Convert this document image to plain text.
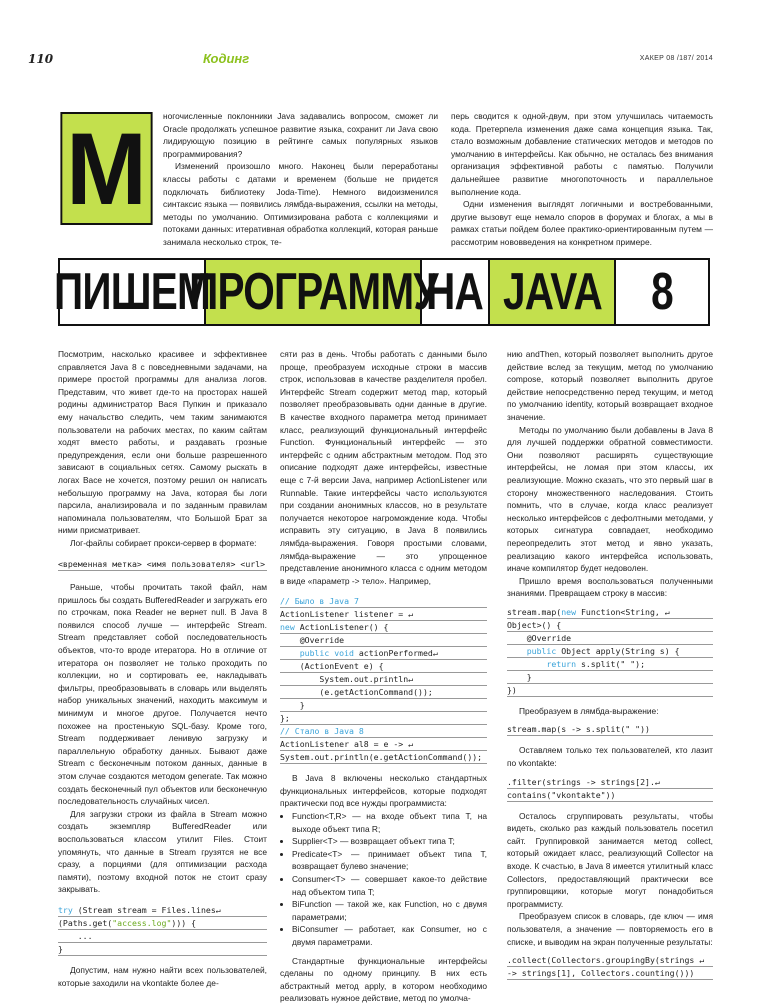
110	Кодинг	ХАКЕР 08 /187/ 2014
M ногочисленные поклонники Java задавались вопросом, сможет ли Oracle продолжать успешное развитие языка, сохранит ли Java свою лидирующую позицию в рейтинге самых популярных языков программирования?

Изменений произошло много. Наконец были переработаны классы работы с датами и временем (больше не придется подключать библиотеку Joda-Time). Немного видоизменился синтаксис языка — появились лямбда-выражения, ссылки на методы, методы по умолчанию. Оптимизирована работа с коллекциями и потоками данных: итеративная обработка коллекций, которая раньше занимала несколько строк, те-

перь сводится к одной-двум, при этом улучшилась читаемость кода. Претерпела изменения даже сама концепция языка. Так, стало возможным добавление статических методов и методов по умолчанию в интерфейсы. Как обычно, не осталась без внимания организация эффективной работы с памятью. Получили дальнейшее развитие многопоточность и параллельное выполнение кода.

Одни изменения выглядят логичными и востребованными, другие вызовут еще немало споров в форумах и блогах, а мы в рамках статьи пойдем более практико-ориентированным путем — рассмотрим нововведения на конкретном примере.

ПИШЕМ
ПРОГРАММУ
НА JAVA 8

Посмотрим, насколько красивее и эффективнее справляется Java 8 с повседневными задачами, на примере простой программы для анализа логов. Представим, что живет где-то на просторах нашей родины администратор Вася Пупкин и приказало ему начальство следить, чем таким занимаются пользователи на рабочих местах, по каким сайтам ходят вместо работы, и раздавать грозные предупреждения, если они больше разрешенного зависают в социальных сетях. Самому рыскать в логах Васе не хочется, поэтому решил он написать небольшую программу на Java, которая бы логи парсила, анализировала и по заданным правилам напоминала пользователям, что Большой Брат за ними присматривает.

Лог-файлы собирает прокси-сервер в формате:

<временная метка> <имя пользователя> <url>

Раньше, чтобы прочитать такой файл, нам пришлось бы создать BufferedReader и загружать его по строчкам, пока Reader не вернет null. В Java 8 появился способ лучше — интерфейс Stream. Stream представляет собой последовательность объектов, что-то вроде итератора. Но в отличие от итератора он позволяет не только проходить по коллекции, но и сортировать ее, накладывать фильтры, преобразовывать в словарь или выделять набор уникальных значений, находить максимум и минимум и многое другое. Получается нечто похожее на простенькую SQL-базу. Кроме того, Stream поддерживает ленивую загрузку и параллельную обработку данных. Бывают даже Stream с бесконечным потоком данных, данные в этом случае создаются методом generate. Так можно создать бесконечный пул объектов или бесконечную последовательность случайных чисел.

Для загрузки строки из файла в Stream можно создать экземпляр BufferedReader или воспользоваться классом утилит Files. Стоит упомянуть, что данные в Stream грузятся не все сразу, а порциями (для оптимизации расхода памяти), поэтому входной поток не стоит сразу закрывать.

try (Stream stream = Files.lines↵
(Paths.get("access.log"))) {
...
}

Допустим, нам нужно найти всех пользователей, которые заходили на vkontakte более де-

сяти раз в день. Чтобы работать с данными было проще, преобразуем исходные строки в массив строк, использовав в качестве разделителя пробел. Интерфейс Stream содержит метод map, который позволяет преобразовывать одни данные в другие. В качестве входного параметра метод принимает класс, реализующий функциональный интерфейс Function. Функциональный интерфейс — это интерфейс с одним абстрактным методом. Под это описание подходят даже интерфейсы, известные еще с 7-й версии Java, например ActionListener или Runnable. Такие интерфейсы часто используются при создании анонимных классов, но в результате получается некоторое нагромождение кода. Чтобы исправить эту ситуацию, в Java 8 появились лямбда-выражения. Говоря простыми словами, лямбда-выражение — это упрощенное представление анонимного класса с одним методом в виде «параметр -> тело». Например,

// Было в Java 7
ActionListener listener = ↵
new ActionListener() {
@Override
public void actionPerformed↵
(ActionEvent e) {
System.out.println↵
(e.getActionCommand());
}
};
// Стало в Java 8
ActionListener al8 = e -> ↵
System.out.println(e.getActionCommand());

В Java 8 включены несколько стандартных функциональных интерфейсов, которые подходят практически под все нужды программиста:

• Function<T,R> — на входе объект типа T, на выходе объект типа R;
• Supplier<T> — возвращает объект типа T;
• Predicate<T> — принимает объект типа T, возвращает булево значение;
• Consumer<T> — совершает какое-то действие над объектом типа T;
• BiFunction — такой же, как Function, но с двумя параметрами;
• BiConsumer — работает, как Consumer, но с двумя параметрами.

Стандартные функциональные интерфейсы сделаны по одному принципу. В них есть абстрактный метод apply, в котором необходимо реализовать нужное действие, метод по умолча-

нию andThen, который позволяет выполнить другое действие вслед за текущим, метод по умолчанию compose, который позволяет выполнить другое действие непосредственно перед текущим, и метод по умолчанию identity, который возвращает входное значение.

Методы по умолчанию были добавлены в Java 8 для лучшей поддержки обратной совместимости. Они позволяют расширять существующие интерфейсы, не ломая при этом классы, их реализующие. Можно сказать, что это первый шаг в сторону множественного наследования. Стоить помнить, что в случае, когда класс реализует несколько интерфейсов с дефолтными методами, у которых сигнатура совпадает, необходимо переопределить этот метод и явно указать, реализацию какого интерфейса использовать, иначе компилятор будет недоволен.

Пришло время воспользоваться полученными знаниями. Превращаем строку в массив:

stream.map(new Function<String, ↵
Object>() {
@Override
public Object apply(String s) {
return s.split(" ");
}
})

Преобразуем в лямбда-выражение:

stream.map(s -> s.split(" "))

Оставляем только тех пользователей, кто лазит по vkontakte:

.filter(strings -> strings[2].↵
contains("vkontakte"))

Осталось сгруппировать результаты, чтобы видеть, сколько раз каждый пользователь посетил сайт. Группировкой занимается метод collect, который ожидает класс, реализующий Collector на входе. К счастью, в Java 8 имеется утилитный класс Collectors, предоставляющий практически все группировщики, которые могут понадобиться программисту.

Преобразуем список в словарь, где ключ — имя пользователя, а значение — повторяемость его в списке, и выводим на экран полученные результаты:

.collect(Collectors.groupingBy(strings ↵
-> strings[1], Collectors.counting()))
